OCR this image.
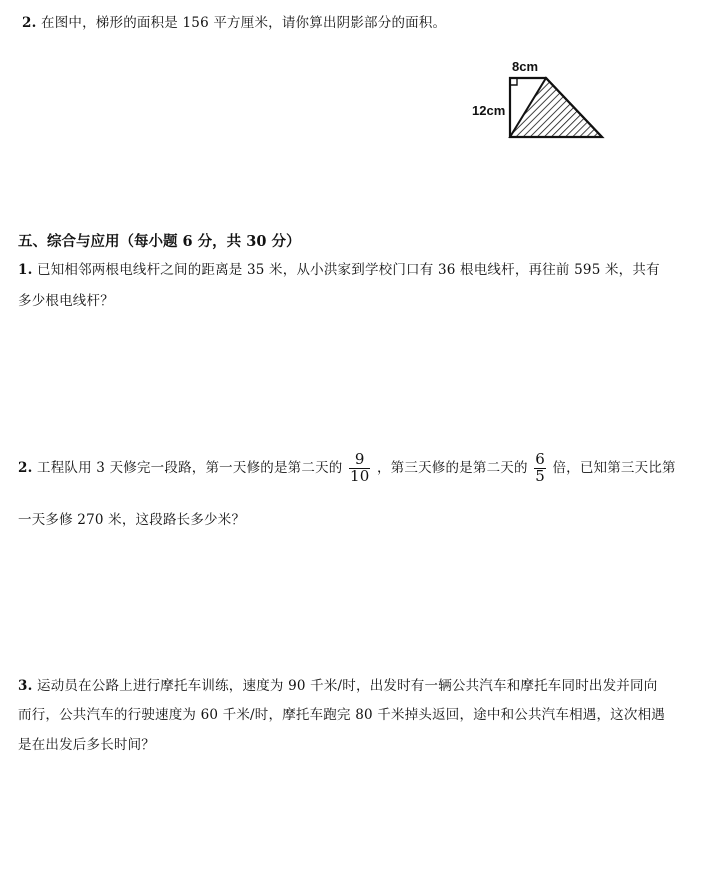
2. 在图中，梯形的面积是 156 平方厘米，请你算出阴影部分的面积。
8cm
12cm
五、综合与应用（每小题 6 分，共 30 分）
1. 已知相邻两根电线杆之间的距离是 35 米，从小洪家到学校门口有 36 根电线杆，再往前 595 米，共有
多少根电线杆？
2. 工程队用 3 天修完一段路，第一天修的是第二天的 $\frac{9}{10}$ ，第三天修的是第二天的 $\frac{6}{5}$ 倍，已知第三天比第
一天多修 270 米，这段路长多少米？
3. 运动员在公路上进行摩托车训练，速度为 90 千米/时，出发时有一辆公共汽车和摩托车同时出发并同向
而行，公共汽车的行驶速度为 60 千米/时，摩托车跑完 80 千米掉头返回，途中和公共汽车相遇，这次相遇
是在出发后多长时间？
